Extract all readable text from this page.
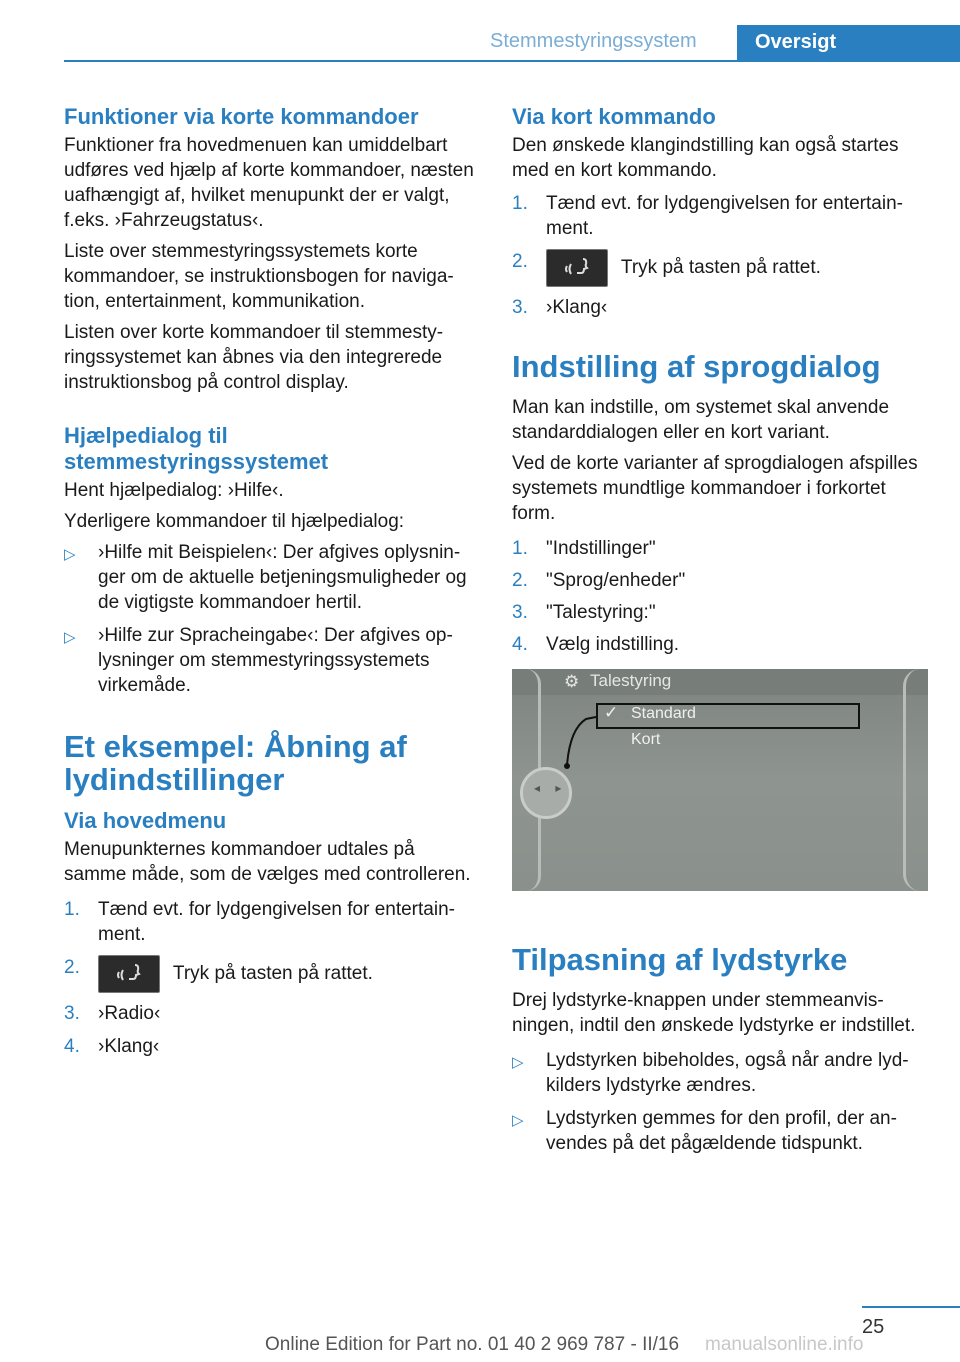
Stemmestyringssystem	Oversigt
Funktioner via korte kommandoer

Funktioner fra hovedmenuen kan umiddelbart udføres ved hjælp af korte kommandoer, næsten uafhængigt af, hvilket menupunkt der er valgt, f.eks. ›Fahrzeugstatus‹.

Liste over stemmestyringssystemets korte kommandoer, se instruktionsbogen for navigation, entertainment, kommunikation.

Listen over korte kommandoer til stemmestyringssystemet kan åbnes via den integrerede instruktionsbog på control display.

Hjælpedialog til stemmestyringssystemet

Hent hjælpedialog: ›Hilfe‹.

Yderligere kommandoer til hjælpedialog:

▷ ›Hilfe mit Beispielen‹: Der afgives oplysninger om de aktuelle betjeningsmuligheder og de vigtigste kommandoer hertil.
▷ ›Hilfe zur Spracheingabe‹: Der afgives oplysninger om stemmestyringssystemets virkemåde.
Et eksempel: Åbning af lydindstillinger
Via hovedmenu

Menupunkternes kommandoer udtales på samme måde, som de vælges med controlleren.

1. Tænd evt. for lydgengivelsen for entertainment.
2.	Tryk på tasten på rattet.
3. ›Radio‹
4. ›Klang‹
Via kort kommando

Den ønskede klangindstilling kan også startes med en kort kommando.

1. Tænd evt. for lydgengivelsen for entertainment.
2.	Tryk på tasten på rattet.
3. ›Klang‹
Indstilling af sprogdialog

Man kan indstille, om systemet skal anvende standarddialogen eller en kort variant.

Ved de korte varianter af sprogdialogen afspilles systemets mundtlige kommandoer i forkortet form.

1. "Indstillinger"
2. "Sprog/enheder"
3. "Talestyring:"
4. Vælg indstilling.
⚙ Talestyring
✓ Standard
Kort
◂ ▸
Tilpasning af lydstyrke

Drej lydstyrke-knappen under stemmeanvisningen, indtil den ønskede lydstyrke er indstillet.

▷ Lydstyrken bibeholdes, også når andre lydkilders lydstyrke ændres.
▷ Lydstyrken gemmes for den profil, der anvendes på det pågældende tidspunkt.
25
Online Edition for Part no. 01 40 2 969 787 - II/16 manualsonline.info
